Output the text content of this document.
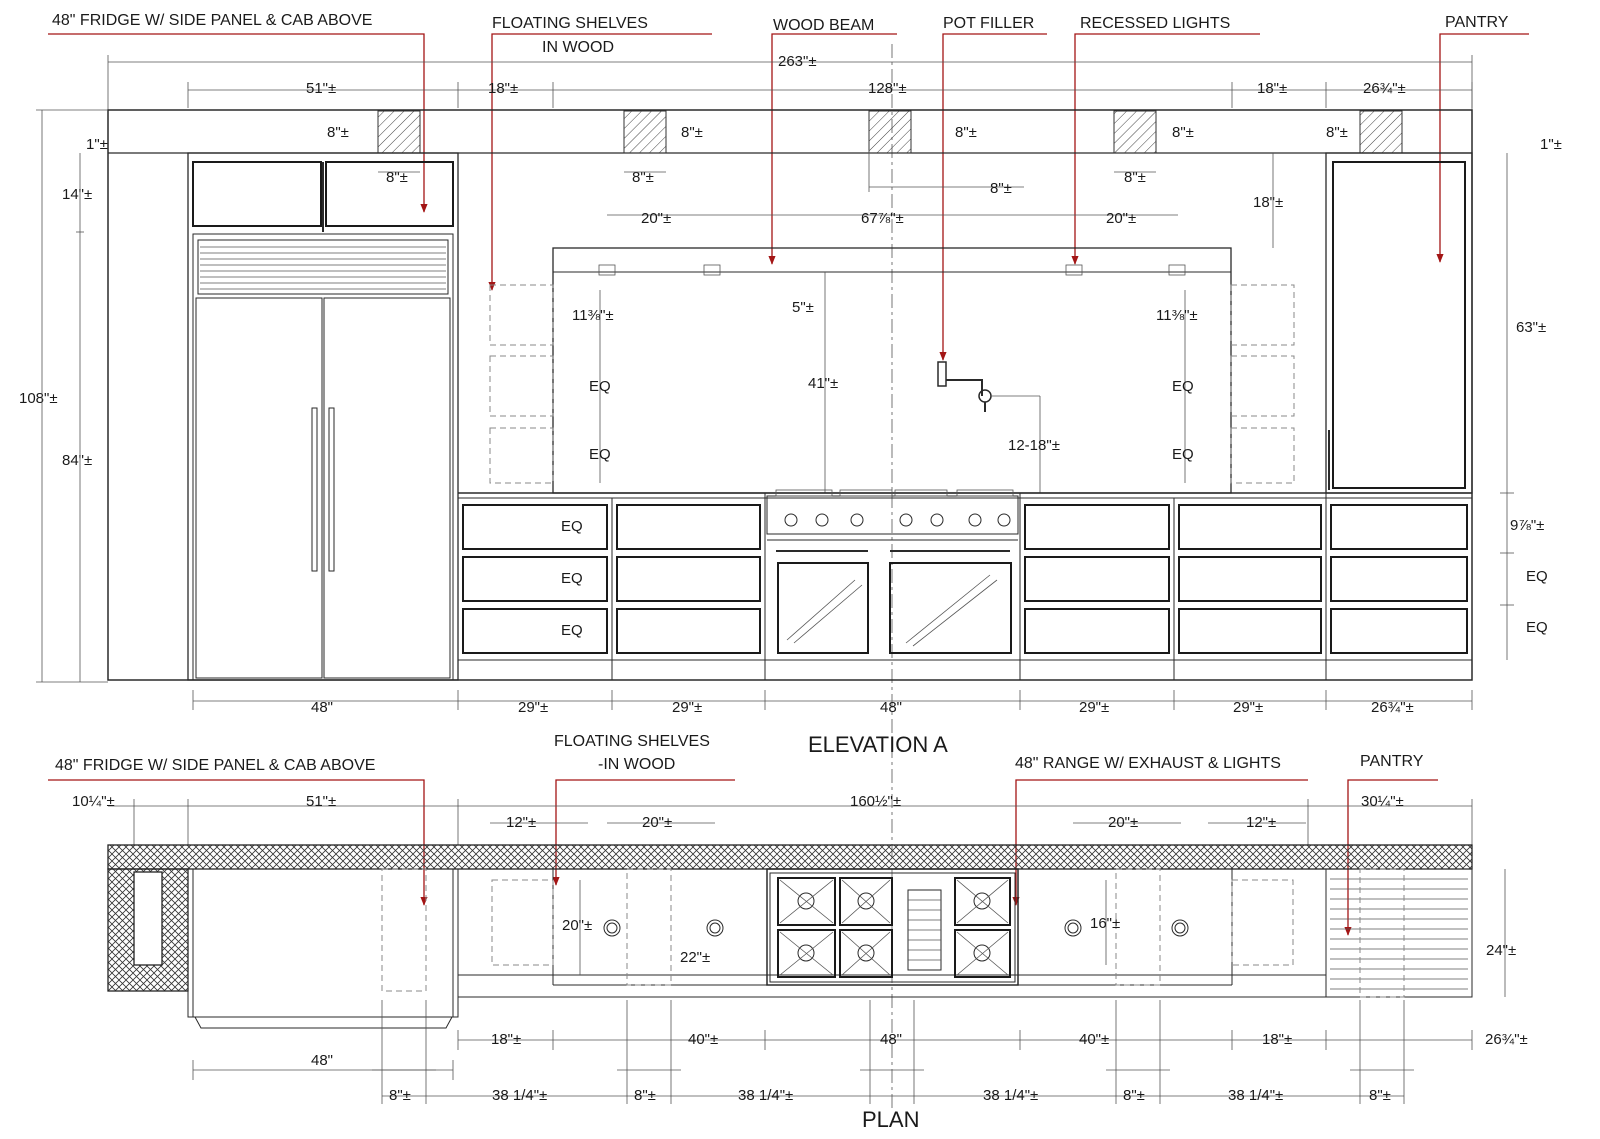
48" FRIDGE W/ SIDE PANEL & CAB ABOVE	FLOATING SHELVES
IN WOOD
WOOD BEAM	POT FILLER	RECESSED LIGHTS	PANTRY
263"±
51"±	18"±	128"±	18"±	26¾"±
8"±	8"±	8"±	8"±	8"±
8"±	8"±	8"±
8"±
1"±
14"±
108"±
84"±
20"±	67⅞"±	20"±
18"±
5"±
41"±
11⅜"±	11⅜"±
EQ
EQ
EQ
EQ
12-18"±
1"±
63"±
9⅞"±
EQ
EQ
EQ
EQ
EQ
48"	29"±	29"±	48"	29"±	29"±	26¾"±
ELEVATION A
48" FRIDGE W/ SIDE PANEL & CAB ABOVE
FLOATING SHELVES
-IN WOOD	48" RANGE W/ EXHAUST & LIGHTS	PANTRY
10¼"±	51"±	160½"±	30¼"±
12"±	20"±	20"±	12"±
20"±
22"±
16"±
24"±
48"
18"±	40"±	48"	40"±	18"±	26¾"±
8"±	38 1/4"±	8"±	38 1/4"±	38 1/4"±	8"±	38 1/4"±	8"±
PLAN
